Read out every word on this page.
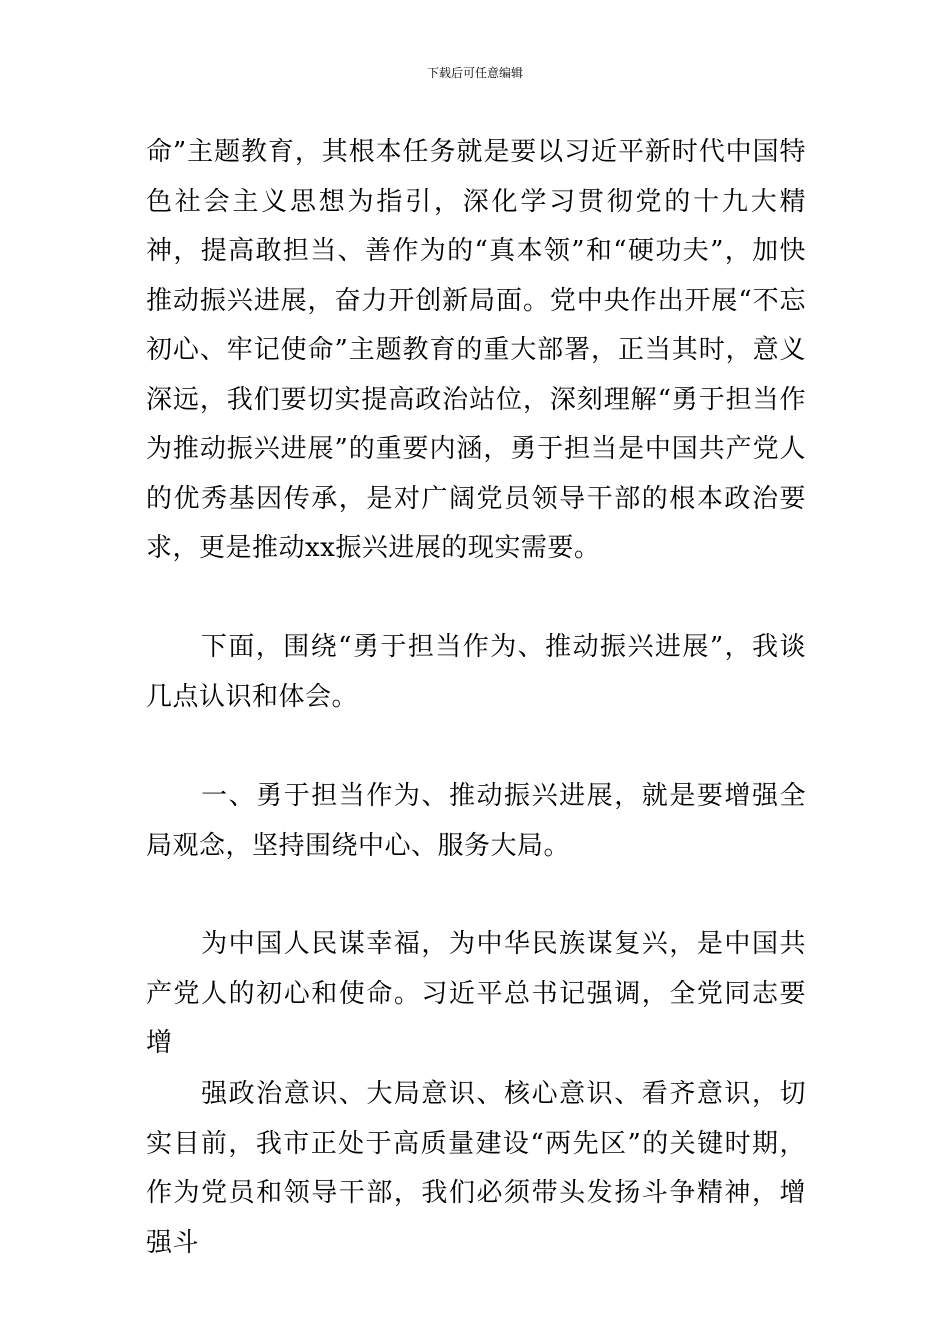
下载后可任意编辑
命”主题教育，其根本任务就是要以习近平新时代中国特色社会主义思想为指引，深化学习贯彻党的十九大精神，提高敢担当、善作为的“真本领”和“硬功夫”，加快推动振兴进展，奋力开创新局面。党中央作出开展“不忘初心、牢记使命”主题教育的重大部署，正当其时，意义深远，我们要切实提高政治站位，深刻理解“勇于担当作为推动振兴进展”的重要内涵，勇于担当是中国共产党人的优秀基因传承，是对广阔党员领导干部的根本政治要求，更是推动xx振兴进展的现实需要。
　　下面，围绕“勇于担当作为、推动振兴进展”，我谈几点认识和体会。
　　一、勇于担当作为、推动振兴进展，就是要增强全局观念，坚持围绕中心、服务大局。
　　为中国人民谋幸福，为中华民族谋复兴，是中国共产党人的初心和使命。习近平总书记强调，全党同志要增
　　强政治意识、大局意识、核心意识、看齐意识，切实目前，我市正处于高质量建设“两先区”的关键时期，作为党员和领导干部，我们必须带头发扬斗争精神，增强斗
